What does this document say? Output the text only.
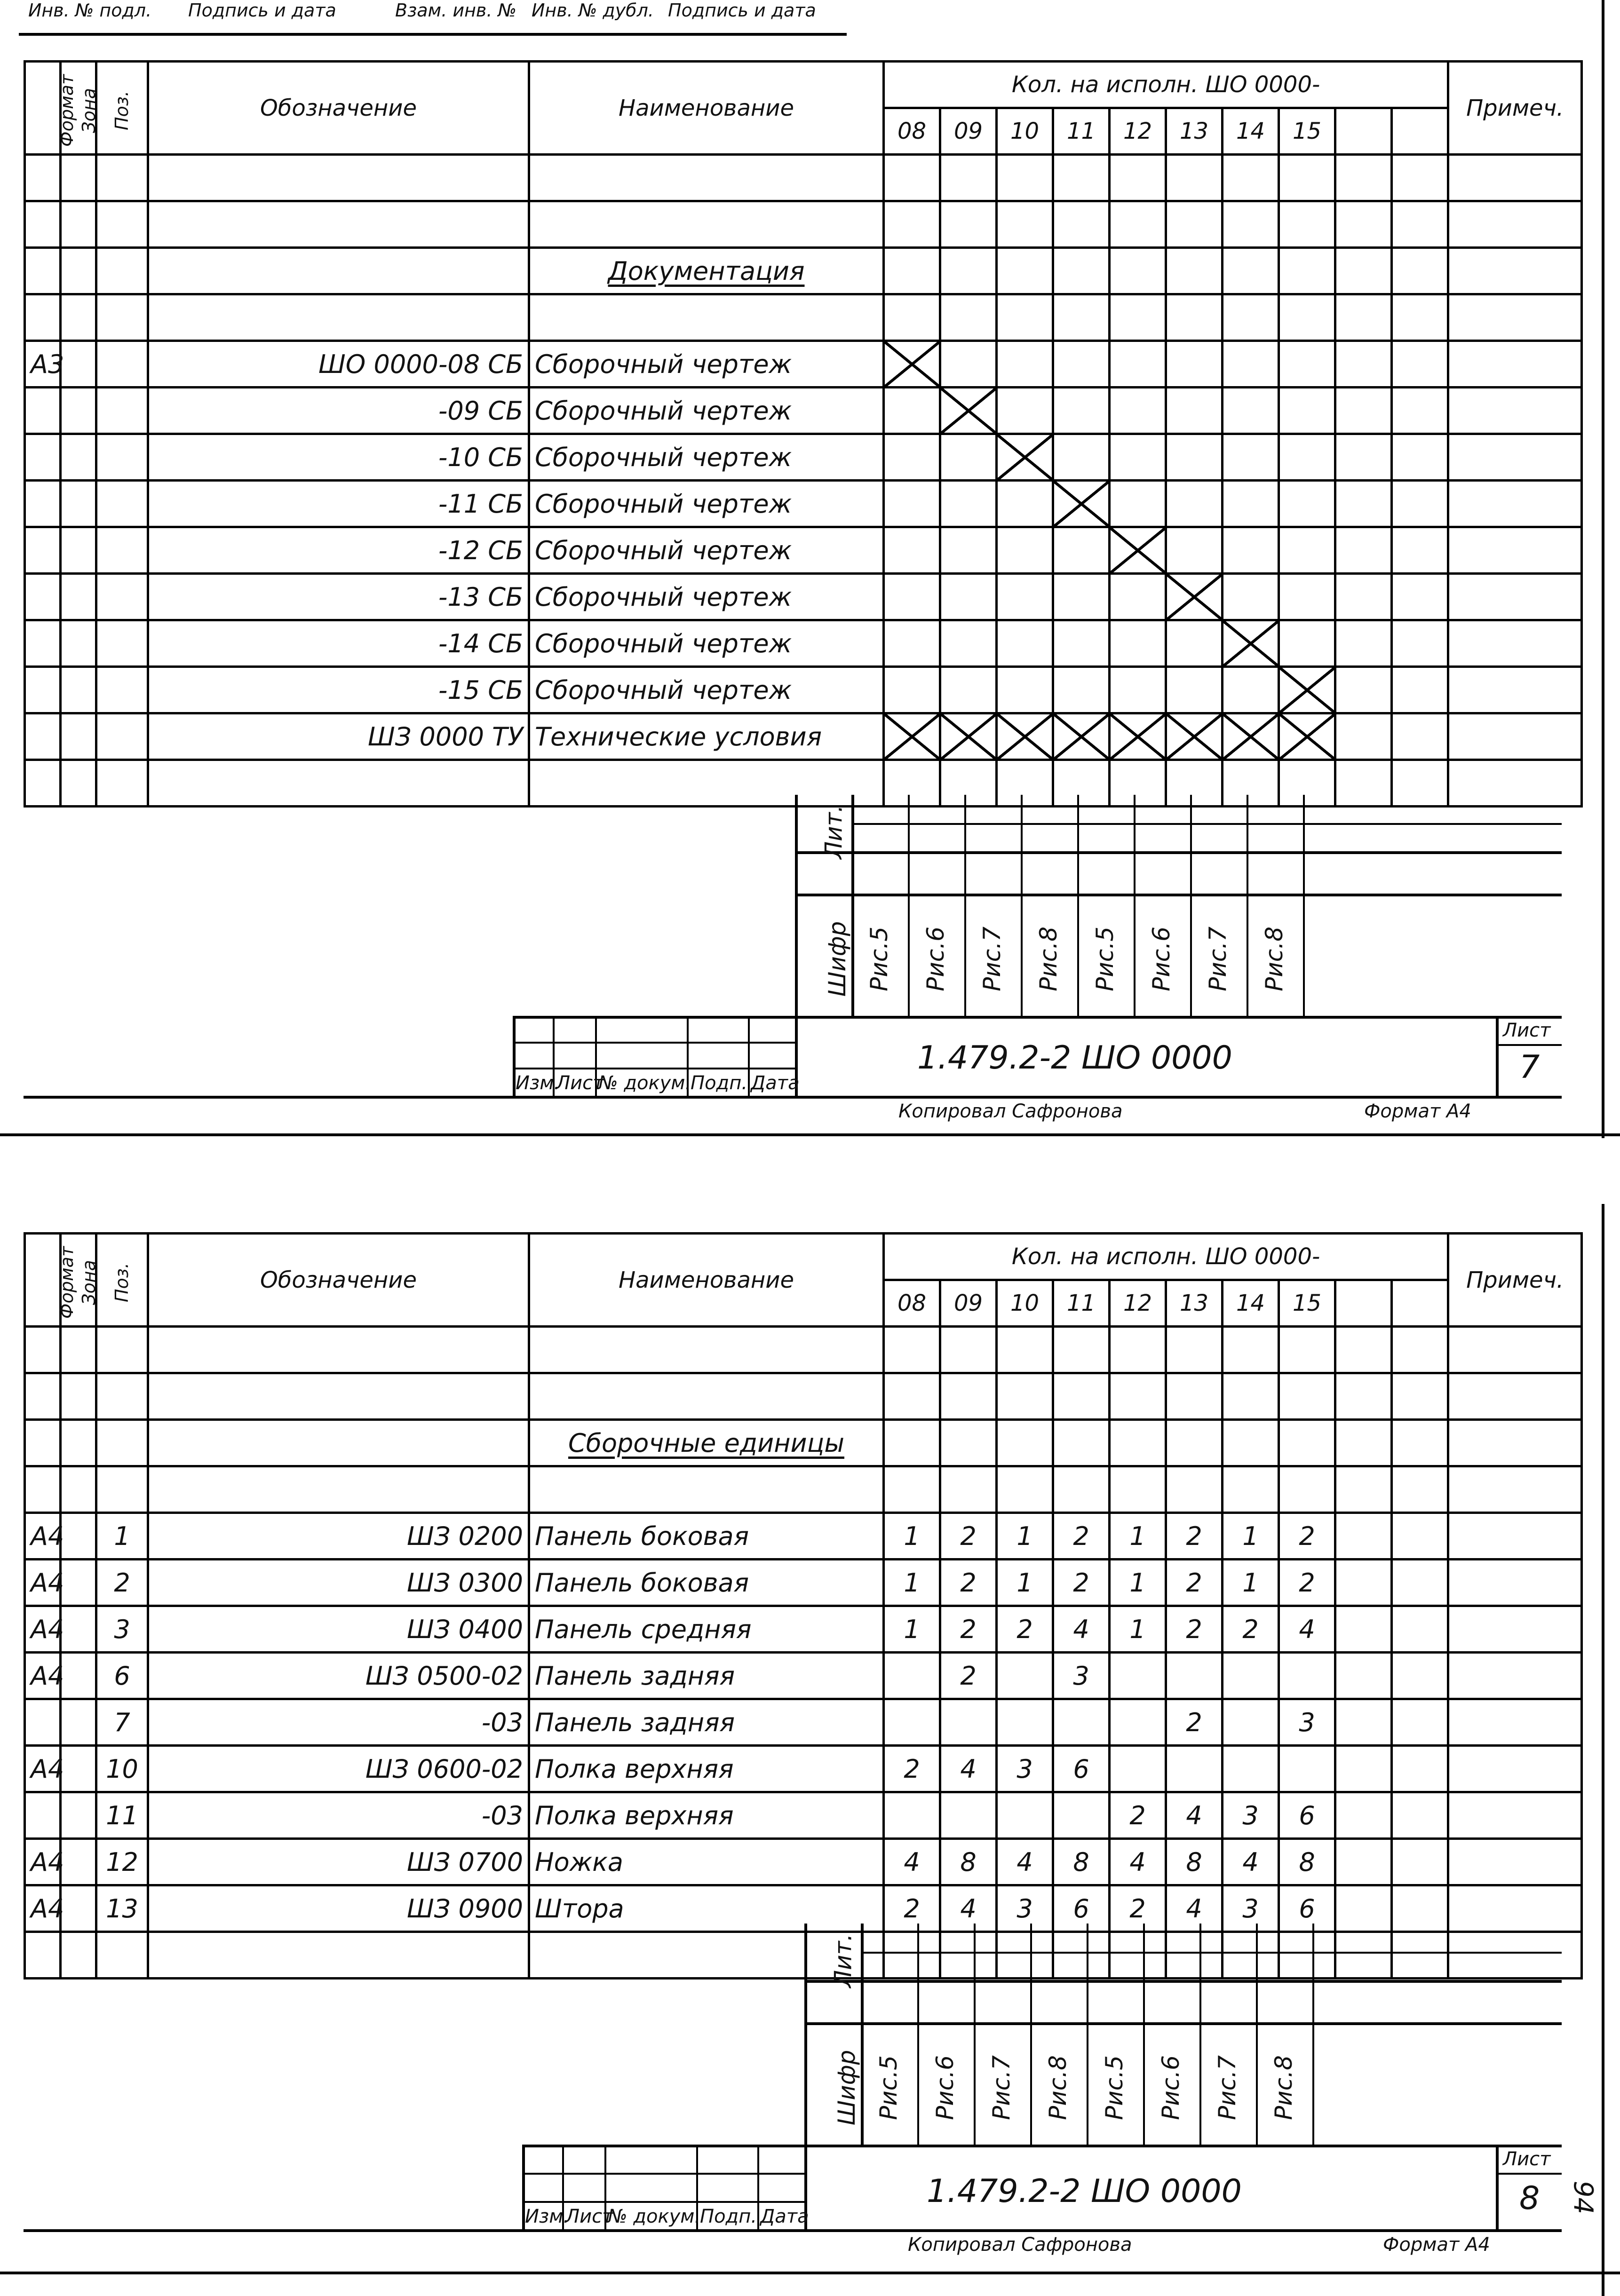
Инв. № подл. Подпись и дата	Взам. инв. № Инв. № дубл. Подпись и дата
Формат	Зона	Поз.	Обозначение	Наименование	Кол. на исполн. ШО 0000-										Примеч.
					08	09	10	11	12	13	14	15			

				Документация											

А3			ШО 0000-08 СБ	Сборочный чертеж											
			-09 СБ	Сборочный чертеж											
			-10 СБ	Сборочный чертеж											
			-11 СБ	Сборочный чертеж											
			-12 СБ	Сборочный чертеж											
			-13 СБ	Сборочный чертеж											
			-14 СБ	Сборочный чертеж											
			-15 СБ	Сборочный чертеж											
			ШЗ 0000 ТУ	Технические условия											

Лит.
Шифр Рис.5 Рис.6 Рис.7 Рис.8 Рис.5 Рис.6 Рис.7 Рис.8
1.479.2-2 ШО 0000
Лист
7
Изм.
Лист
№ докум.
Подп. Дата
Копировал Сафронова	Формат А4
Формат	Зона	Поз.	Обозначение	Наименование	Кол. на исполн. ШО 0000-										Примеч.
					08	09	10	11	12	13	14	15			

				Сборочные единицы											

А4		1	ШЗ 0200	Панель боковая	1	2	1	2	1	2	1	2			
А4		2	ШЗ 0300	Панель боковая	1	2	1	2	1	2	1	2			
А4		3	ШЗ 0400	Панель средняя	1	2	2	4	1	2	2	4			
А4		6	ШЗ 0500-02	Панель задняя		2		3							
		7	-03	Панель задняя						2		3			
А4		10	ШЗ 0600-02	Полка верхняя	2	4	3	6							
		11	-03	Полка верхняя					2	4	3	6			
А4		12	ШЗ 0700	Ножка	4	8	4	8	4	8	4	8			
А4		13	ШЗ 0900	Штора	2	4	3	6	2	4	3	6			

Лит.
Шифр Рис.5 Рис.6 Рис.7 Рис.8 Рис.5 Рис.6 Рис.7 Рис.8
1.479.2-2 ШО 0000
Лист
8
Изм.
Лист
№ докум.
Подп. Дата
Копировал Сафронова	Формат А4
94
